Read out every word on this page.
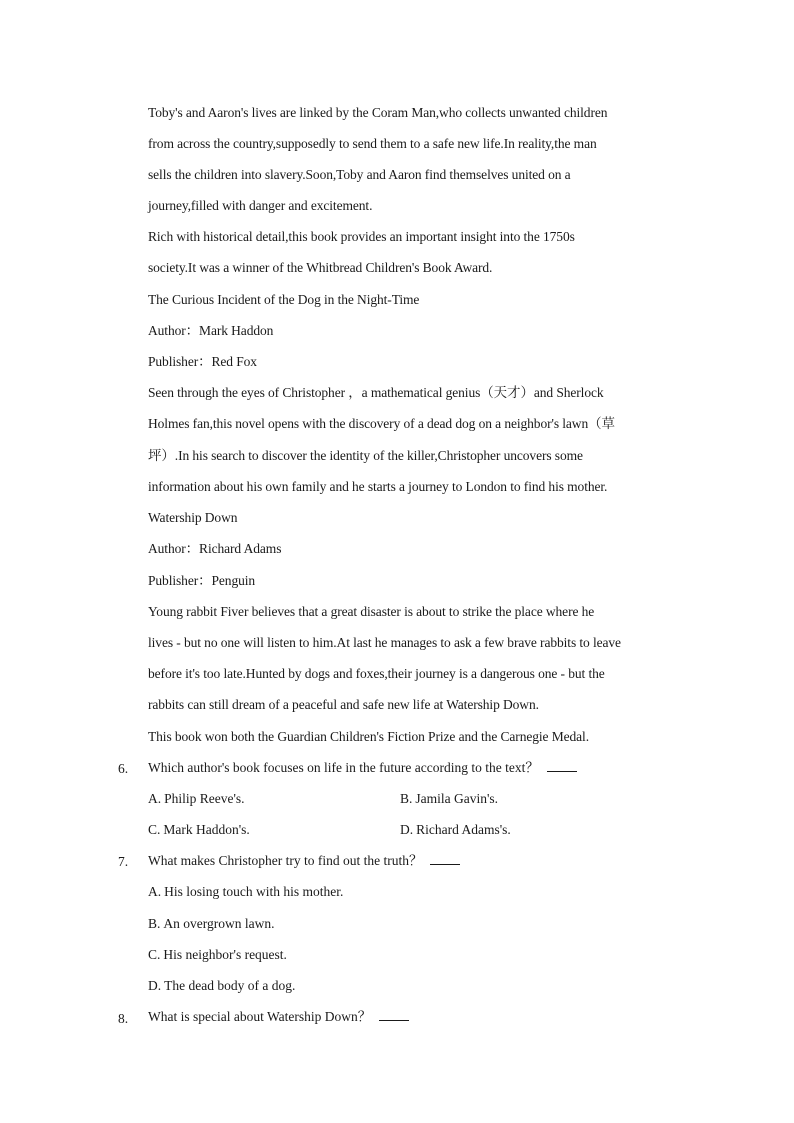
Toby's and Aaron's lives are linked by the Coram Man,who collects unwanted children
from across the country,supposedly to send them to a safe new life.In reality,the man
sells the children into slavery.Soon,Toby and Aaron find themselves united on a
journey,filled with danger and excitement.
Rich with historical detail,this book provides an important insight into the 1750s
society.It was a winner of the Whitbread Children's Book Award.
The Curious Incident of the Dog in the Night-Time
Author：Mark Haddon
Publisher：Red Fox
Seen through the eyes of Christopher ，a mathematical genius（天才）and Sherlock
Holmes fan,this novel opens with the discovery of a dead dog on a neighbor's lawn（草
坪）.In his search to discover the identity of the killer,Christopher uncovers some
information about his own family and he starts a journey to London to find his mother.
Watership Down
Author：Richard Adams
Publisher：Penguin
Young rabbit Fiver believes that a great disaster is about to strike the place where he
lives - but no one will listen to him.At last he manages to ask a few brave rabbits to leave
before it's too late.Hunted by dogs and foxes,their journey is a dangerous one - but the
rabbits can still dream of a peaceful and safe new life at Watership Down.
This book won both the Guardian Children's Fiction Prize and the Carnegie Medal.
6. Which author's book focuses on life in the future according to the text？
A. Philip Reeve's.	B. Jamila Gavin's.
C. Mark Haddon's.	D. Richard Adams's.
7. What makes Christopher try to find out the truth？
A. His losing touch with his mother.
B. An overgrown lawn.
C. His neighbor's request.
D. The dead body of a dog.
8. What is special about Watership Down？
